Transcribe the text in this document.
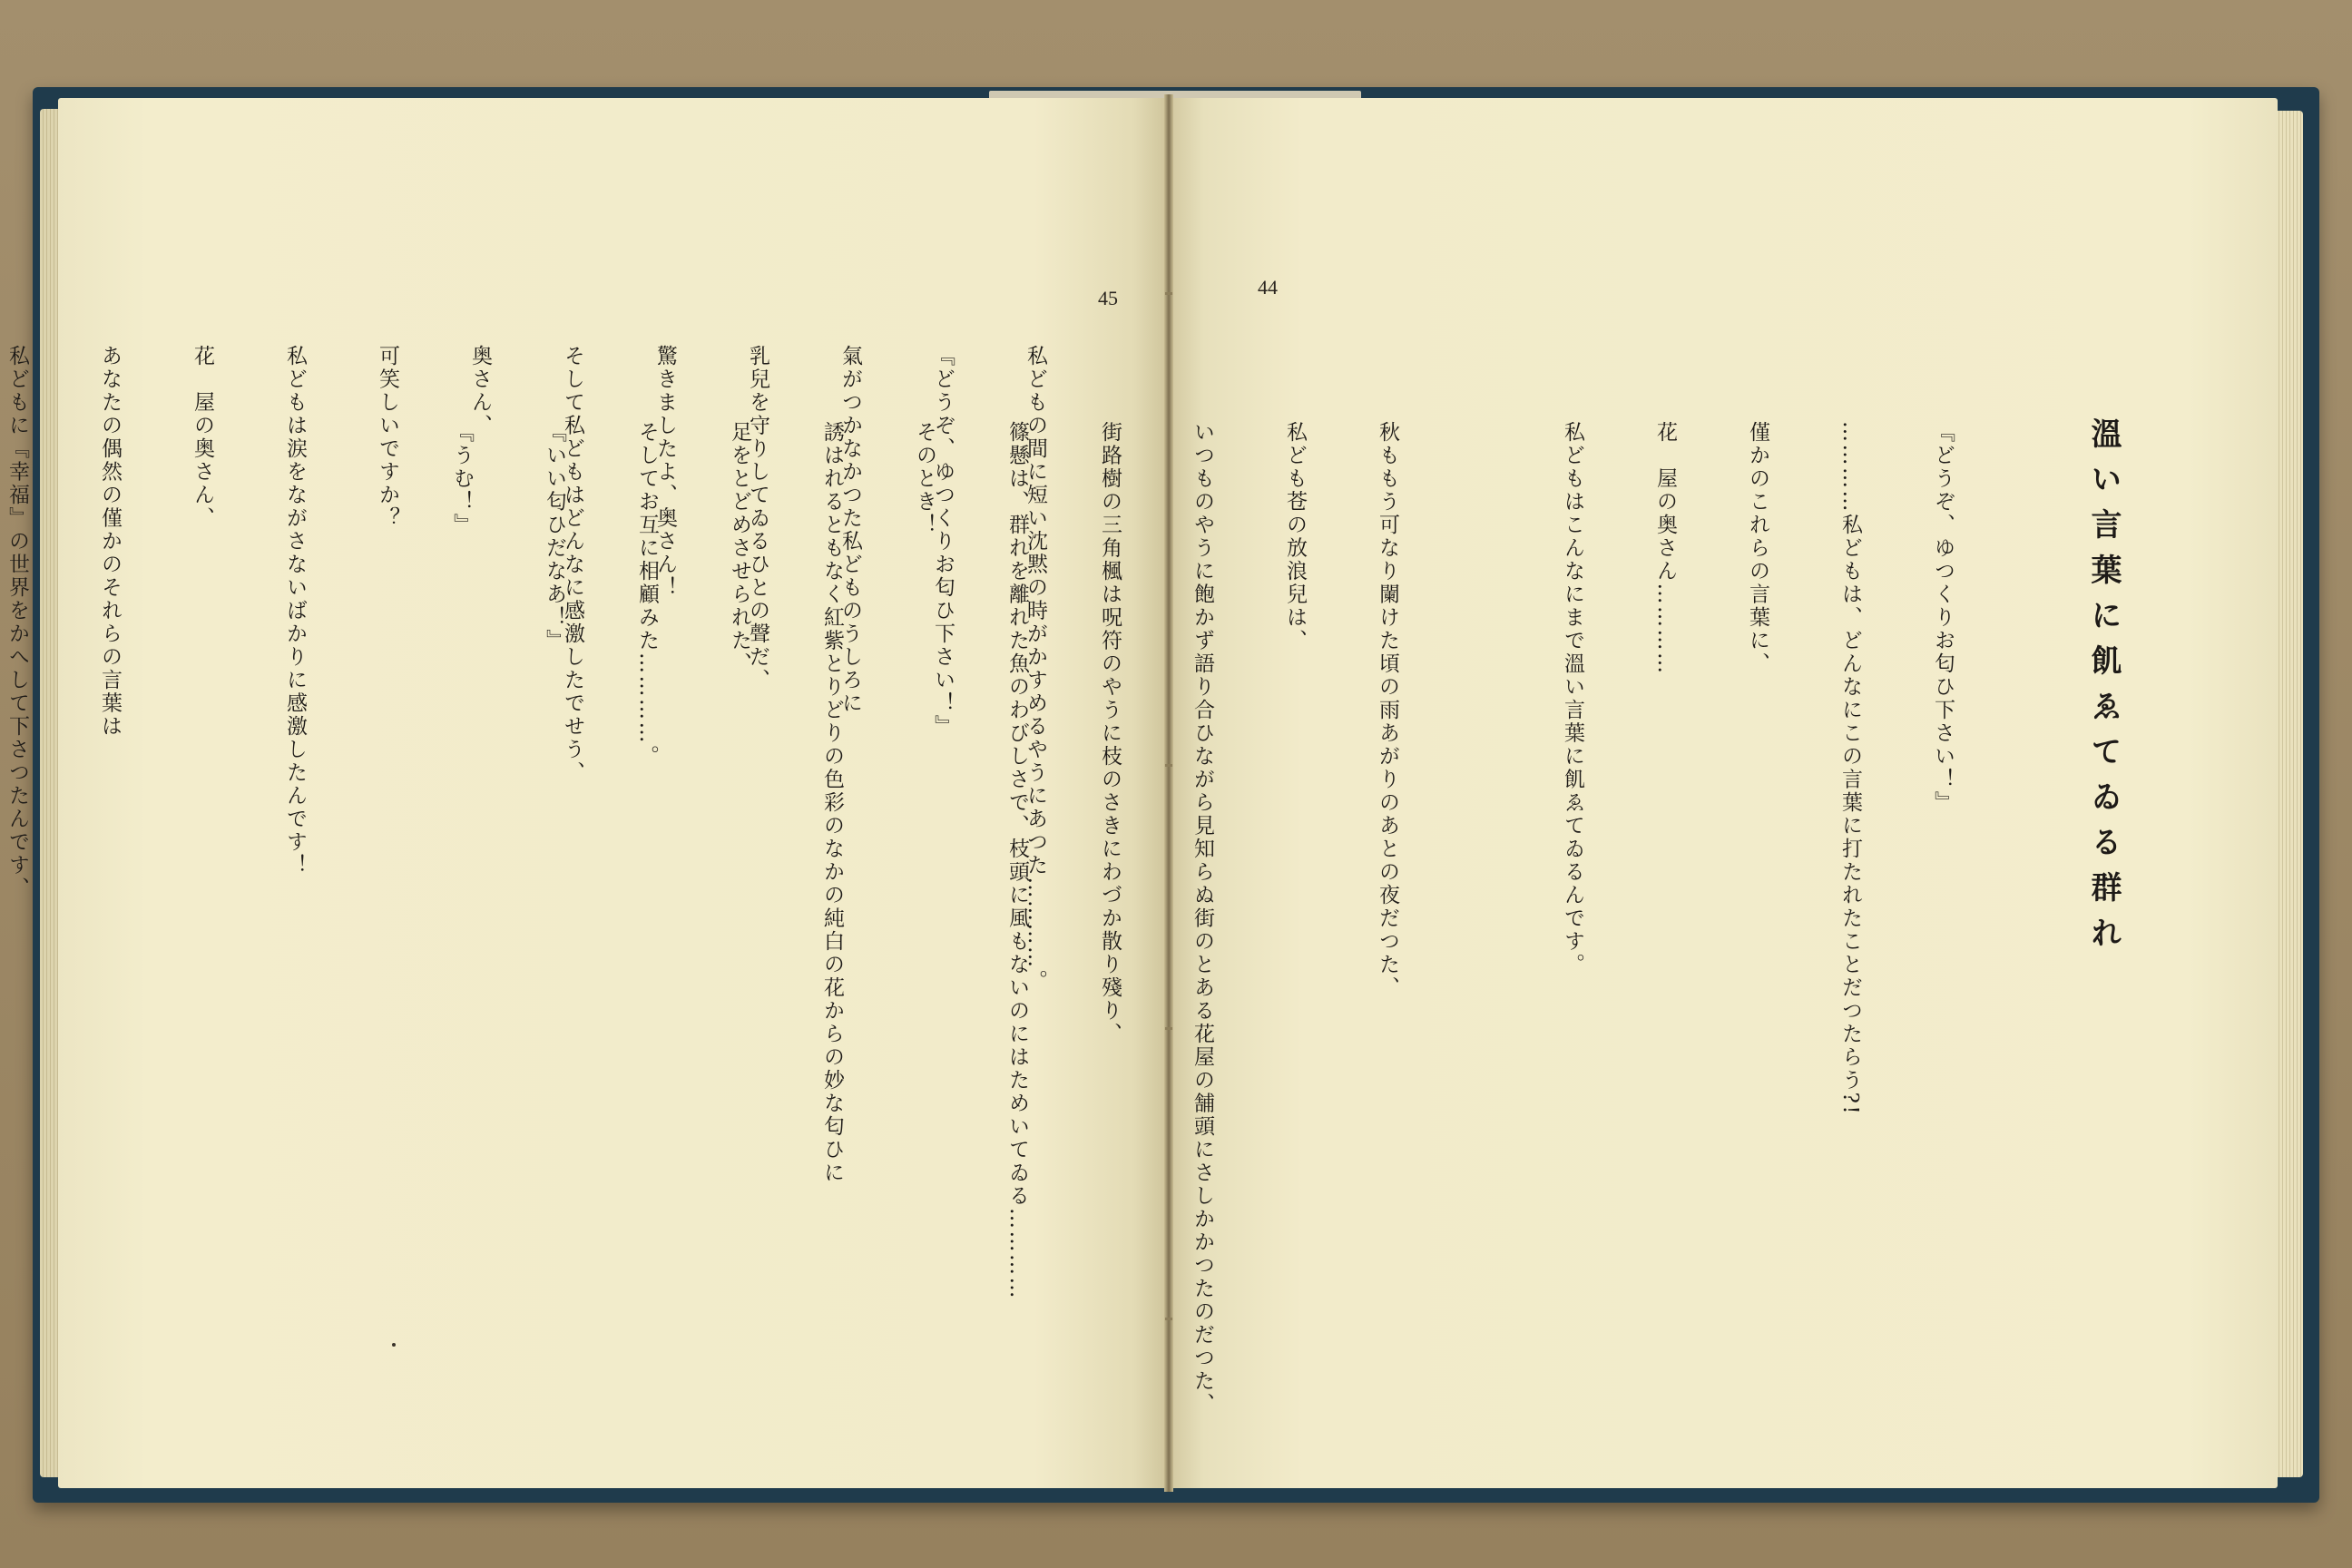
45

私どもの間に短い沈黙の時がかすめるやうにあつた…………。

『どうぞ、ゆつくりお匂ひ下さい！』

氣がつかなかつた私どものうしろに

乳兒を守りしてゐるひとの聲だ、

驚きましたよ、奥さん！

そして私どもはどんなに感激したでせう、

奥さん、

可笑しいですか？

私どもは涙をながさないばかりに感激したんです！

花　屋の奥さん、

あなたの偶然の僅かのそれらの言葉は

私どもに『幸福』の世界をかへして下さつたんです、

44
溫い言葉に飢ゑてゐる群れ

『どうぞ、ゆつくりお匂ひ下さい！』

…………私どもは、どんなにこの言葉に打たれたことだつたらう?!

僅かのこれらの言葉に、

花　屋の奥さん…………

私どもはこんなにまで溫い言葉に飢ゑてゐるんです。

秋ももう可なり闌けた頃の雨あがりのあとの夜だつた、

私ども苍の放浪兒は、

いつものやうに飽かず語り合ひながら見知らぬ街のとある花屋の舗頭にさしかかつたのだつた、

街路樹の三角楓は呪符のやうに枝のさきにわづか散り殘り、

篠懸は、群れを離れた魚のわびしさで、枝頭に風もないのにはためいてゐる…………

そのとき！

誘はれるともなく紅紫とりどりの色彩のなかの純白の花からの妙な匂ひに

足をとどめさせられた、

そしてお互に相顧みた…………。

『いい匂ひだなあ！』

『うむ！』
